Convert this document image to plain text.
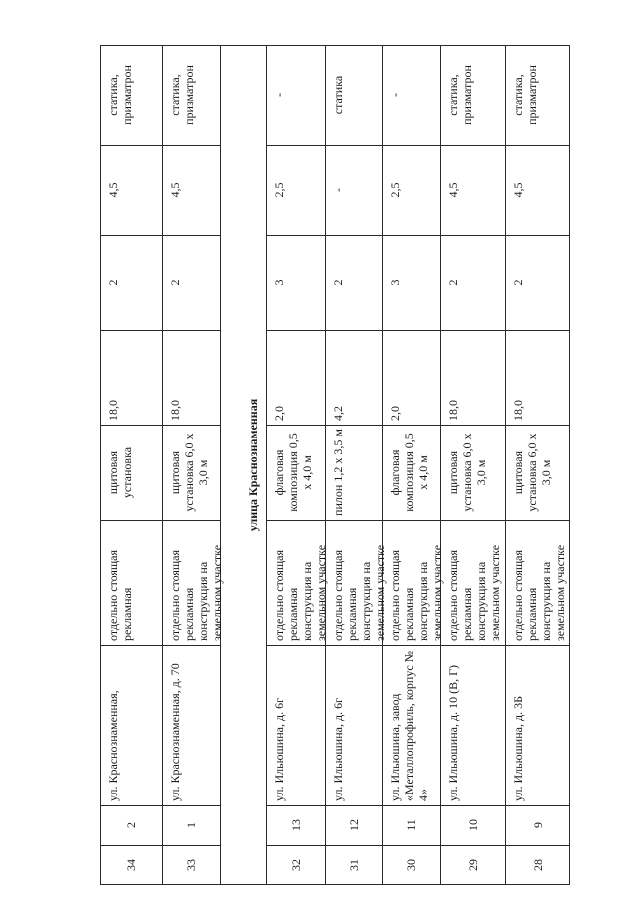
статика, призматрон
4,5
2
18,0
щитовая установка 6,0 х 3,0 м
отдельно стоящая рекламная конструкция на земельном участке
ул. Ильюшина, д. 3Б
9
28
статика, призматрон
4,5
2
18,0
щитовая установка 6,0 х 3,0 м
отдельно стоящая рекламная конструкция на земельном участке
ул. Ильюшина, д. 10 (В, Г)
10
29
-
2,5
3
2,0
флаговая композиция 0,5 х 4,0 м
отдельно стоящая рекламная конструкция на земельном участке
ул. Ильюшина, завод «Металлопрофиль, корпус № 4»
11
30
статика
-
2
4,2
пилон 1,2 х 3,5 м
отдельно стоящая рекламная конструкция на земельном участке
ул. Ильюшина, д. 6г
12
31
-
2,5
3
2,0
флаговая композиция 0,5 х 4,0 м
отдельно стоящая рекламная конструкция на земельном участке
ул. Ильюшина, д. 6г
13
32
статика, призматрон
4,5
2
18,0
щитовая установка 6,0 х 3,0 м
отдельно стоящая рекламная конструкция на земельном участке
ул. Краснознаменная, д. 70
1
33
статика, призматрон
4,5
2
18,0
щитовая установка
отдельно стоящая рекламная
ул. Краснознаменная,
2
34
улица Краснознаменная
